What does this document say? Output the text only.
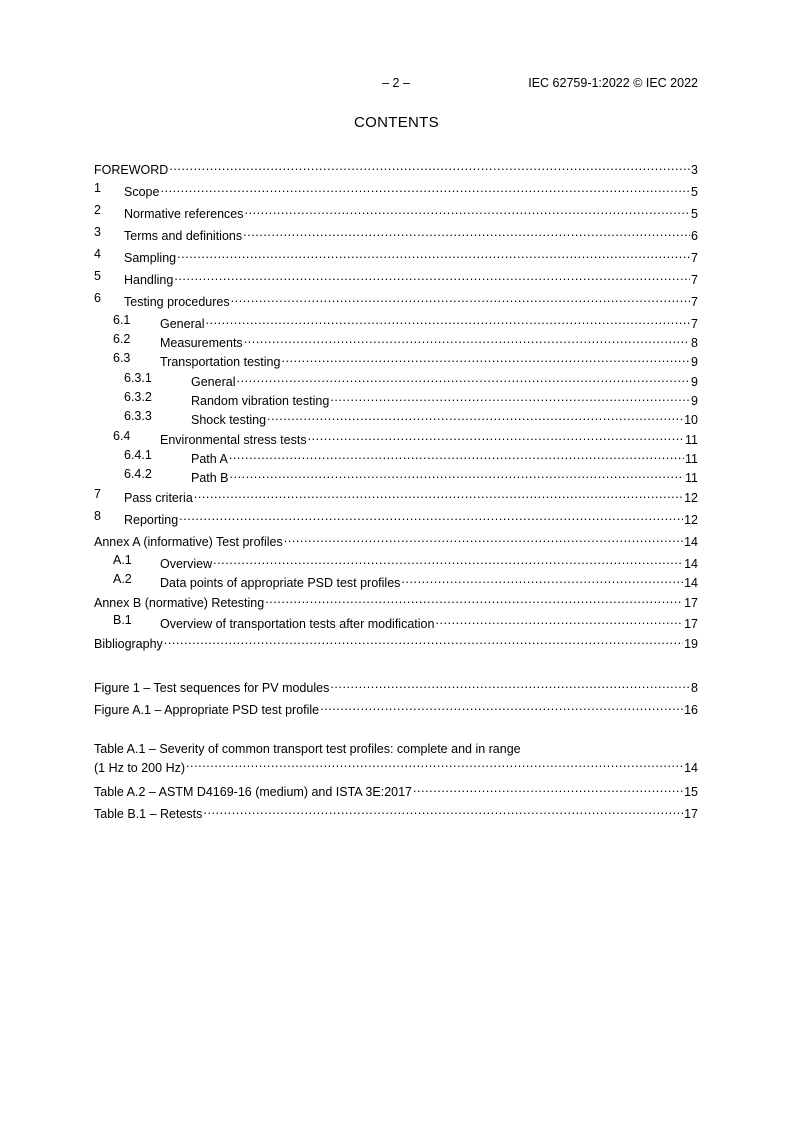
– 2 –	IEC 62759-1:2022 © IEC 2022
CONTENTS
FOREWORD . . .	3
1 Scope . . .	5
2 Normative references . . .	5
3 Terms and definitions . . .	6
4 Sampling . . .	7
5 Handling . . .	7
6 Testing procedures . . .	7
6.1 General . . .	7
6.2 Measurements . . .	8
6.3 Transportation testing . . .	9
6.3.1	General . . .	9
6.3.2	Random vibration testing . . .	9
6.3.3	Shock testing . . .	10
6.4 Environmental stress tests . . .	11
6.4.1	Path A . . .	11
6.4.2	Path B . . .	11
7 Pass criteria . . .	12
8 Reporting . . .	12
Annex A (informative) Test profiles . . .	14
A.1 Overview . . .	14
A.2 Data points of appropriate PSD test profiles . . .	14
Annex B (normative) Retesting . . .	17
B.1 Overview of transportation tests after modification . . .	17
Bibliography . . .	19
Figure 1 – Test sequences for PV modules . . .	8
Figure A.1 – Appropriate PSD test profile . . .	16
Table A.1 – Severity of common transport test profiles: complete and in range
(1 Hz to 200 Hz) . . .	14
Table A.2 – ASTM D4169-16 (medium) and ISTA 3E:2017 . . .	15
Table B.1 – Retests . . .	17
